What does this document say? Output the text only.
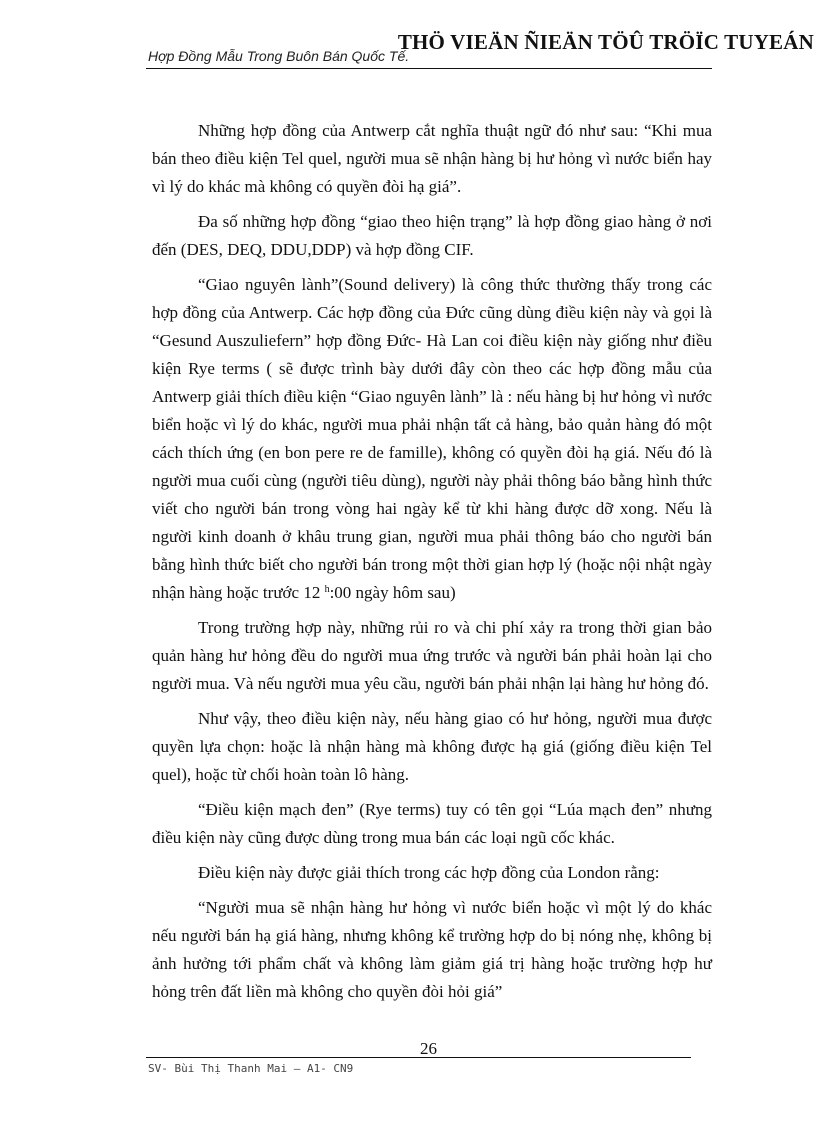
Hợp Đồng Mẫu Trong Buôn Bán Quốc Tế.
THÖ VIEÄN ÑIEÄN TÖÛ TRÖÏC TUYEÁN

Những hợp đồng của Antwerp cắt nghĩa thuật ngữ đó như sau: “Khi mua bán theo điều kiện Tel quel, người mua sẽ nhận hàng bị hư hỏng vì nước biển hay vì lý do khác mà không có quyền đòi hạ giá”.

Đa số những hợp đồng “giao theo hiện trạng” là hợp đồng giao hàng ở nơi đến (DES, DEQ, DDU,DDP) và hợp đồng CIF.

“Giao nguyên lành”(Sound delivery) là công thức thường thấy trong các hợp đồng của Antwerp. Các hợp đồng của Đức cũng dùng điều kiện này và gọi là “Gesund Auszuliefern” hợp đồng Đức- Hà Lan coi điều kiện này giống như điều kiện Rye terms ( sẽ được trình bày dưới đây còn theo các hợp đồng mẫu của Antwerp giải thích điều kiện “Giao nguyên lành” là : nếu hàng bị hư hỏng vì nước biển hoặc vì lý do khác, người mua phải nhận tất cả hàng, bảo quản hàng đó một cách thích ứng (en bon pere re de famille), không có quyền đòi hạ giá. Nếu đó là người mua cuối cùng (người tiêu dùng), người này phải thông báo bằng hình thức viết cho người bán trong vòng hai ngày kể từ khi hàng được dỡ xong. Nếu là người kinh doanh ở khâu trung gian, người mua phải thông báo cho người bán bằng hình thức biết cho người bán trong một thời gian hợp lý (hoặc nội nhật ngày nhận hàng hoặc trước 12 $^h$:00 ngày hôm sau)

Trong trường hợp này, những rủi ro và chi phí xảy ra trong thời gian bảo quản hàng hư hỏng đều do người mua ứng trước và người bán phải hoàn lại cho người mua. Và nếu người mua yêu cầu, người bán phải nhận lại hàng hư hỏng đó.

Như vậy, theo điều kiện này, nếu hàng giao có hư hỏng, người mua được quyền lựa chọn: hoặc là nhận hàng mà không được hạ giá (giống điều kiện Tel quel), hoặc từ chối hoàn toàn lô hàng.

“Điều kiện mạch đen” (Rye terms) tuy có tên gọi “Lúa mạch đen” nhưng điều kiện này cũng được dùng trong mua bán các loại ngũ cốc khác.

Điều kiện này được giải thích trong các hợp đồng của London rằng:

“Người mua sẽ nhận hàng hư hỏng vì nước biển hoặc vì một lý do khác nếu người bán hạ giá hàng, nhưng không kể trường hợp do bị nóng nhẹ, không bị ảnh hưởng tới phẩm chất và không làm giảm giá trị hàng hoặc trường hợp hư hỏng trên đất liền mà không cho quyền đòi hỏi giá”

26
SV- Bùi Thị Thanh Mai – A1- CN9
